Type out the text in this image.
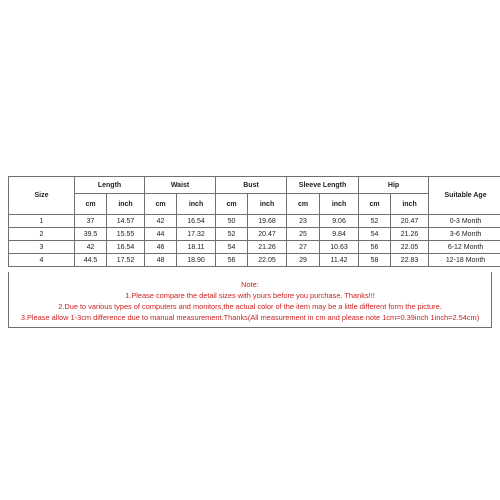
Size	Length		Waist		Bust		Sleeve Length		Hip		Suitable Age
	cm	inch	cm	inch	cm	inch	cm	inch	cm	inch	
1	37	14.57	42	16.54	50	19.68	23	9.06	52	20.47	0-3 Month
2	39.5	15.55	44	17.32	52	20.47	25	9.84	54	21.26	3-6 Month
3	42	16.54	46	18.11	54	21.26	27	10.63	56	22.05	6-12 Month
4	44.5	17.52	48	18.90	56	22.05	29	11.42	58	22.83	12-18 Month
Note:
1.Please compare the detail sizes with yours before you purchase. Thanks!!!
2.Due to various types of computers and monitors,the actual color of the item may be a little different form the picture.
3.Please allow 1-3cm difference due to manual measurement.Thanks(All measurement in cm and please note 1cm=0.39inch 1inch=2.54cm)
